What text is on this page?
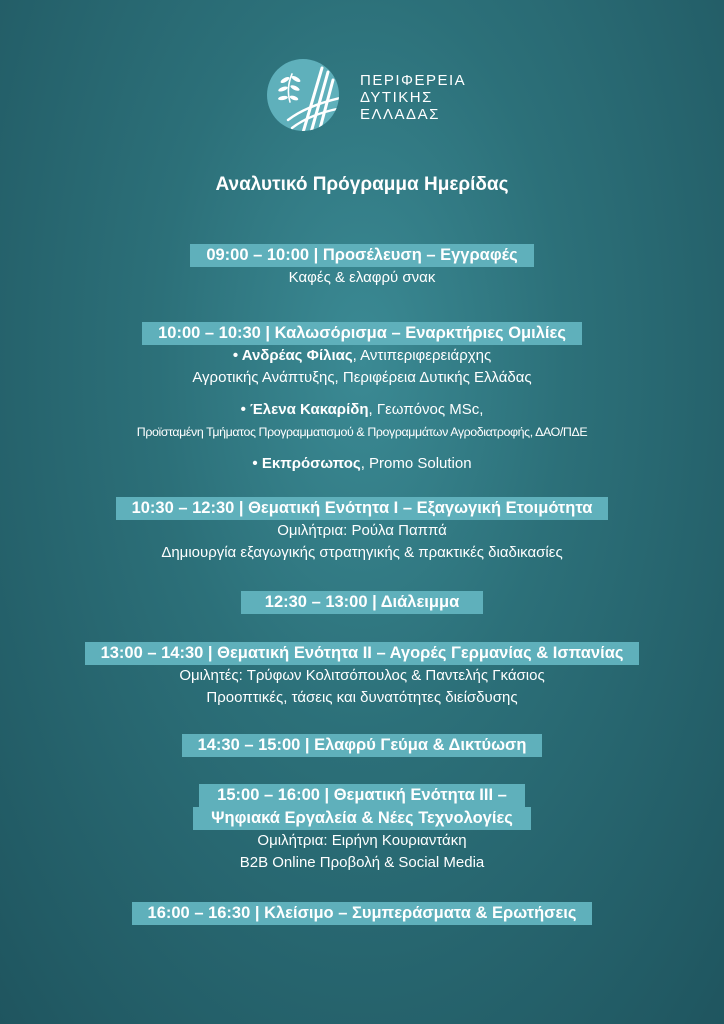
ΠΕΡΙΦΕΡΕΙΑ
ΔΥΤΙΚΗΣ
ΕΛΛΑΔΑΣ
Αναλυτικό Πρόγραμμα Ημερίδας
09:00 – 10:00 | Προσέλευση – Εγγραφές
Καφές & ελαφρύ σνακ
10:00 – 10:30 | Καλωσόρισμα – Εναρκτήριες Ομιλίες
• Ανδρέας Φίλιας, Αντιπεριφερειάρχης
Αγροτικής Ανάπτυξης, Περιφέρεια Δυτικής Ελλάδας
• Έλενα Κακαρίδη, Γεωπόνος MSc,
Προϊσταμένη Τμήματος Προγραμματισμού & Προγραμμάτων Αγροδιατροφής, ΔΑΟ/ΠΔΕ
• Εκπρόσωπος, Promo Solution
10:30 – 12:30 | Θεματική Ενότητα Ι – Εξαγωγική Ετοιμότητα
Ομιλήτρια: Ρούλα Παππά
Δημιουργία εξαγωγικής στρατηγικής & πρακτικές διαδικασίες
12:30 – 13:00 | Διάλειμμα
13:00 – 14:30 | Θεματική Ενότητα ΙΙ – Αγορές Γερμανίας & Ισπανίας
Ομιλητές: Τρύφων Κολιτσόπουλος & Παντελής Γκάσιος
Προοπτικές, τάσεις και δυνατότητες διείσδυσης
14:30 – 15:00 | Ελαφρύ Γεύμα & Δικτύωση
15:00 – 16:00 | Θεματική Ενότητα ΙΙΙ –
Ψηφιακά Εργαλεία & Νέες Τεχνολογίες
Ομιλήτρια: Ειρήνη Κουριαντάκη
B2B Online Προβολή & Social Media
16:00 – 16:30 | Κλείσιμο – Συμπεράσματα & Ερωτήσεις
